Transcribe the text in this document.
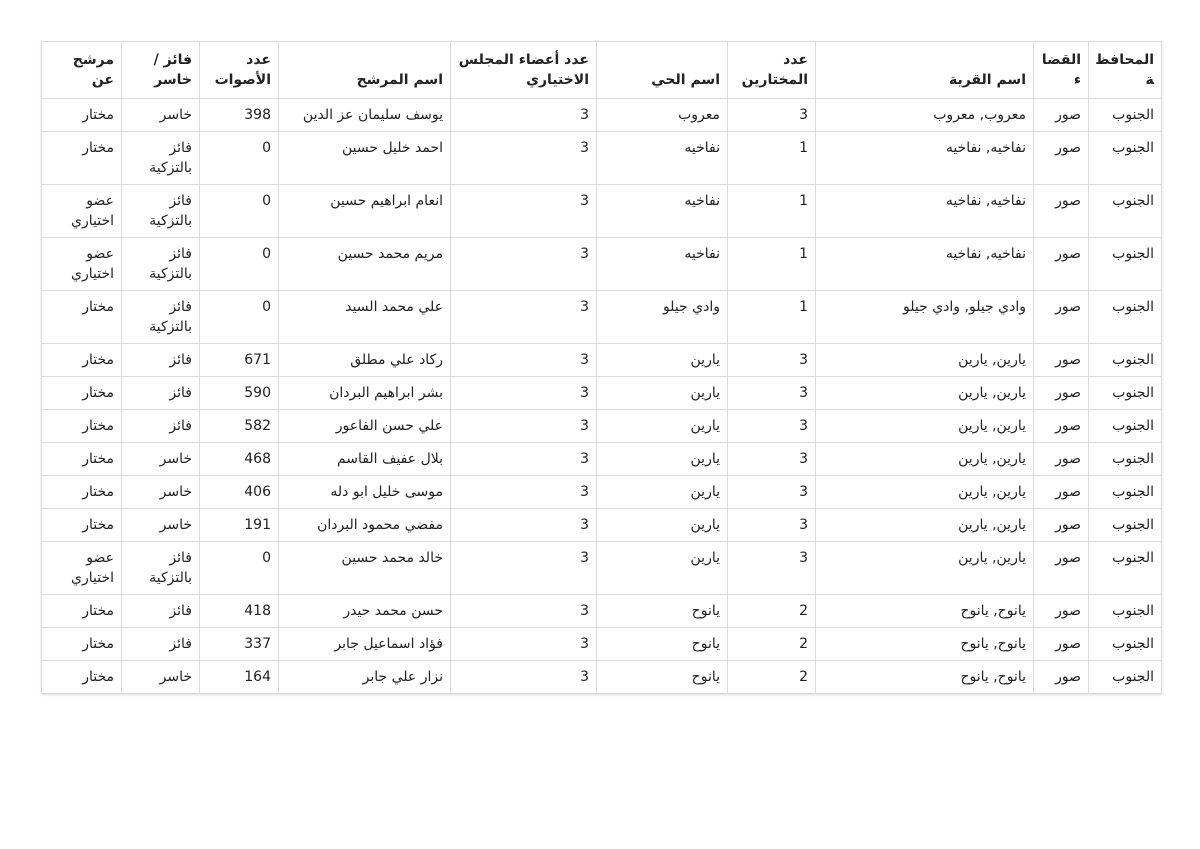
المحافظة	القضاء	اسم القرية	عدد المختارين	اسم الحي	عدد أعضاء المجلس الاختياري	اسم المرشح	عدد الأصوات	فائز / خاسر	مرشح عن
الجنوب	صور	معروب, معروب	3	معروب	3	يوسف سليمان عز الدين	398	خاسر	مختار
الجنوب	صور	نفاخيه, نفاخيه	1	نفاخيه	3	احمد خليل حسين	0	فائز بالتزكية	مختار
الجنوب	صور	نفاخيه, نفاخيه	1	نفاخيه	3	انعام ابراهيم حسين	0	فائز بالتزكية	عضو اختياري
الجنوب	صور	نفاخيه, نفاخيه	1	نفاخيه	3	مريم محمد حسين	0	فائز بالتزكية	عضو اختياري
الجنوب	صور	وادي جيلو, وادي جيلو	1	وادي جيلو	3	علي محمد السيد	0	فائز بالتزكية	مختار
الجنوب	صور	يارين, يارين	3	يارين	3	ركاد علي مطلق	671	فائز	مختار
الجنوب	صور	يارين, يارين	3	يارين	3	بشر ابراهيم البردان	590	فائز	مختار
الجنوب	صور	يارين, يارين	3	يارين	3	علي حسن الفاعور	582	فائز	مختار
الجنوب	صور	يارين, يارين	3	يارين	3	بلال عفيف القاسم	468	خاسر	مختار
الجنوب	صور	يارين, يارين	3	يارين	3	موسى خليل ابو دله	406	خاسر	مختار
الجنوب	صور	يارين, يارين	3	يارين	3	مفضي محمود البردان	191	خاسر	مختار
الجنوب	صور	يارين, يارين	3	يارين	3	خالد محمد حسين	0	فائز بالتزكية	عضو اختياري
الجنوب	صور	يانوح, يانوح	2	يانوح	3	حسن محمد حيدر	418	فائز	مختار
الجنوب	صور	يانوح, يانوح	2	يانوح	3	فؤاد اسماعيل جابر	337	فائز	مختار
الجنوب	صور	يانوح, يانوح	2	يانوح	3	نزار علي جابر	164	خاسر	مختار
